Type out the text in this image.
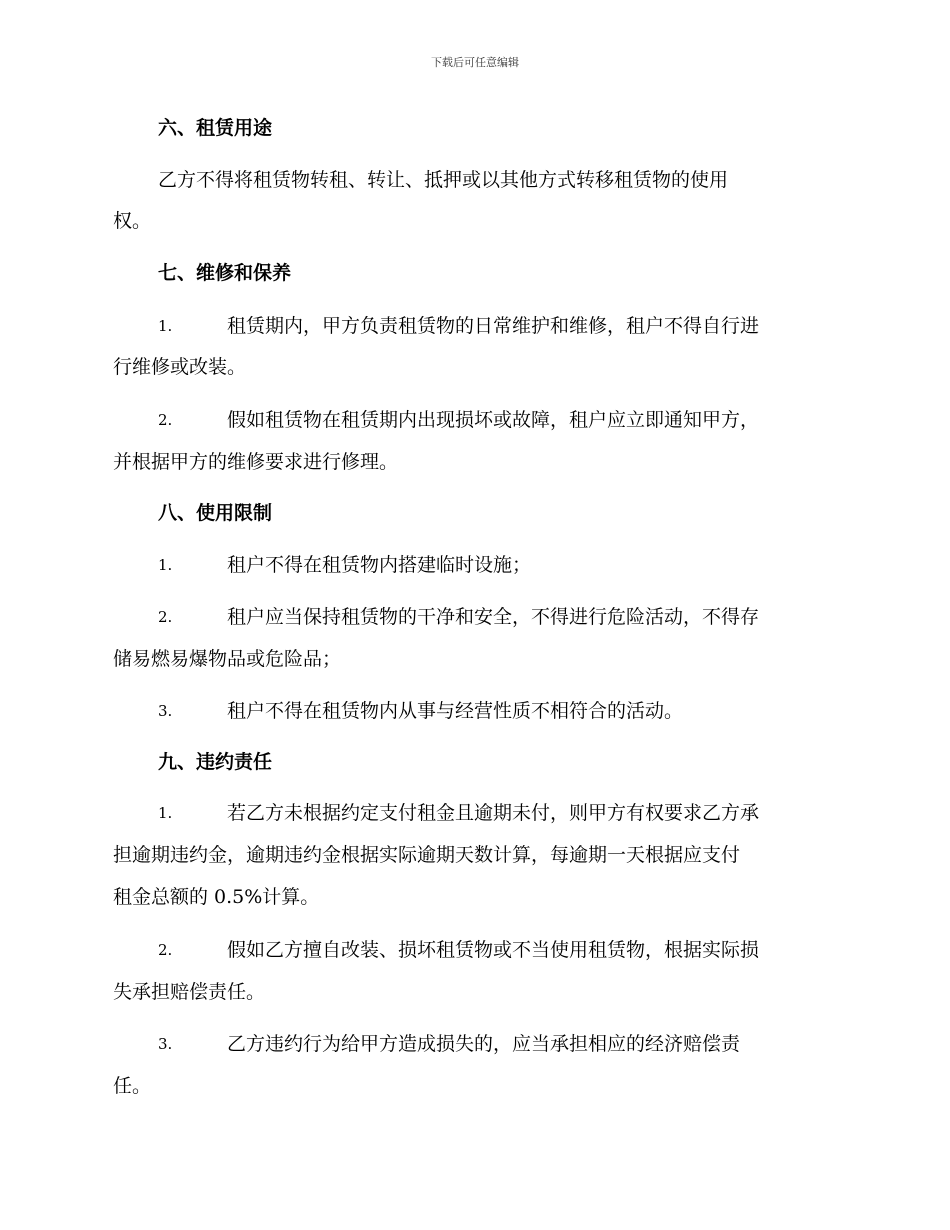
下载后可任意编辑
六、租赁用途
乙方不得将租赁物转租、转让、抵押或以其他方式转移租赁物的使用
权。
七、维修和保养
1.	租赁期内，甲方负责租赁物的日常维护和维修，租户不得自行进
行维修或改装。
2.	假如租赁物在租赁期内出现损坏或故障，租户应立即通知甲方，
并根据甲方的维修要求进行修理。
八、使用限制
1.	租户不得在租赁物内搭建临时设施；
2.	租户应当保持租赁物的干净和安全，不得进行危险活动，不得存
储易燃易爆物品或危险品；
3.	租户不得在租赁物内从事与经营性质不相符合的活动。
九、违约责任
1.	若乙方未根据约定支付租金且逾期未付，则甲方有权要求乙方承
担逾期违约金，逾期违约金根据实际逾期天数计算，每逾期一天根据应支付
租金总额的 0.5%计算。
2.	假如乙方擅自改装、损坏租赁物或不当使用租赁物，根据实际损
失承担赔偿责任。
3.	乙方违约行为给甲方造成损失的，应当承担相应的经济赔偿责
任。
